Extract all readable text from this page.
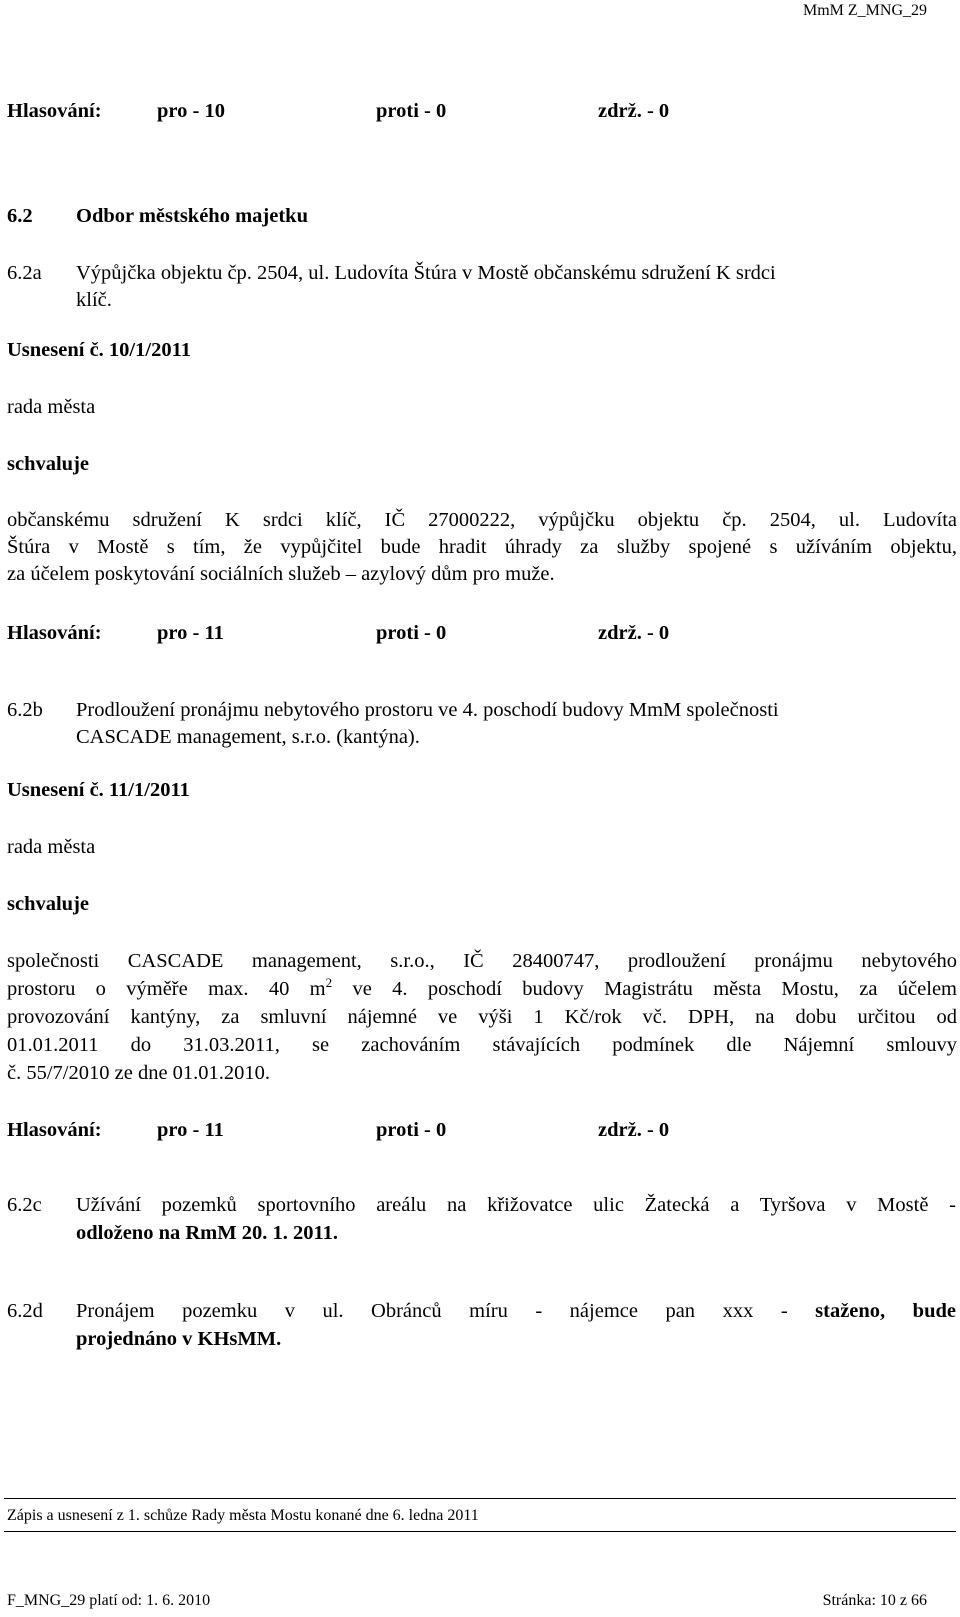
MmM Z_MNG_29
Hlasování:	pro - 10	proti - 0	zdrž. - 0
6.2 Odbor městského majetku
6.2a Výpůjčka objektu čp. 2504, ul. Ludovíta Štúra v Mostě občanskému sdružení K srdci
klíč.
Usnesení č. 10/1/2011
rada města
schvaluje
občanskému sdružení K srdci klíč, IČ 27000222, výpůjčku objektu čp. 2504, ul. Ludovíta
Štúra v Mostě s tím, že vypůjčitel bude hradit úhrady za služby spojené s užíváním objektu,
za účelem poskytování sociálních služeb – azylový dům pro muže.
Hlasování:	pro - 11	proti - 0	zdrž. - 0
6.2b Prodloužení pronájmu nebytového prostoru ve 4. poschodí budovy MmM společnosti
CASCADE management, s.r.o. (kantýna).
Usnesení č. 11/1/2011
rada města
schvaluje
společnosti CASCADE management, s.r.o., IČ 28400747, prodloužení pronájmu nebytového
prostoru o výměře max. 40 $m^2$ ve 4. poschodí budovy Magistrátu města Mostu, za účelem
provozování kantýny, za smluvní nájemné ve výši 1 Kč/rok vč. DPH, na dobu určitou od
01.01.2011 do 31.03.2011, se zachováním stávajících podmínek dle Nájemní smlouvy
č. 55/7/2010 ze dne 01.01.2010.
Hlasování:	pro - 11	proti - 0	zdrž. - 0
6.2c Užívání pozemků sportovního areálu na křižovatce ulic Žatecká a Tyršova v Mostě -
odloženo na RmM 20. 1. 2011.
6.2d Pronájem pozemku v ul. Obránců míru - nájemce pan xxx - staženo, bude
projednáno v KHsMM.
Zápis a usnesení z 1. schůze Rady města Mostu konané dne 6. ledna 2011
F_MNG_29 platí od: 1. 6. 2010	Stránka: 10 z 66
